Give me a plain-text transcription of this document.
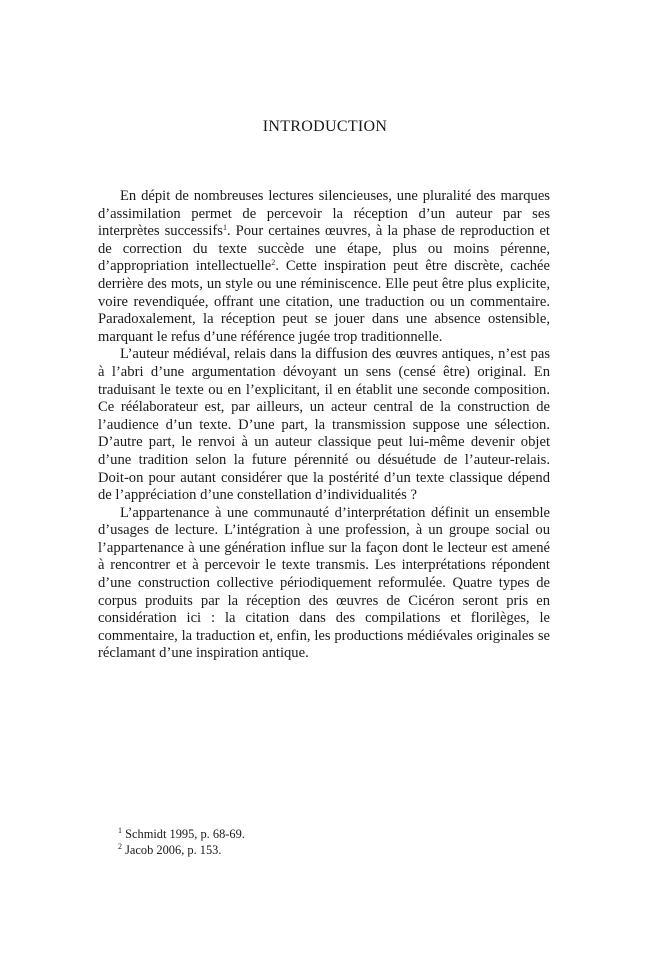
INTRODUCTION

En dépit de nombreuses lectures silencieuses, une pluralité des marques d’assimilation permet de percevoir la réception d’un auteur par ses interprètes successifs$^1$. Pour certaines œuvres, à la phase de reproduction et de correction du texte succède une étape, plus ou moins pérenne, d’appropriation intellectuelle$^2$. Cette inspiration peut être discrète, cachée derrière des mots, un style ou une réminiscence. Elle peut être plus explicite, voire revendiquée, offrant une citation, une traduction ou un commentaire. Paradoxalement, la réception peut se jouer dans une absence ostensible, marquant le refus d’une référence jugée trop traditionnelle.

L’auteur médiéval, relais dans la diffusion des œuvres antiques, n’est pas à l’abri d’une argumentation dévoyant un sens (censé être) original. En traduisant le texte ou en l’explicitant, il en établit une seconde composition. Ce réélaborateur est, par ailleurs, un acteur central de la construction de l’audience d’un texte. D’une part, la transmission suppose une sélection. D’autre part, le renvoi à un auteur classique peut lui-même devenir objet d’une tradition selon la future pérennité ou désuétude de l’auteur-relais. Doit-on pour autant considérer que la postérité d’un texte classique dépend de l’appréciation d’une constellation d’individualités ?

L’appartenance à une communauté d’interprétation définit un ensemble d’usages de lecture. L’intégration à une profession, à un groupe social ou l’appartenance à une génération influe sur la façon dont le lecteur est amené à rencontrer et à percevoir le texte transmis. Les interprétations répondent d’une construction collective périodiquement reformulée. Quatre types de corpus produits par la réception des œuvres de Cicéron seront pris en considération ici : la citation dans des compilations et florilèges, le commentaire, la traduction et, enfin, les productions médiévales originales se réclamant d’une inspiration antique.

$^1$ Schmidt 1995, p. 68-69.
$^2$ Jacob 2006, p. 153.
